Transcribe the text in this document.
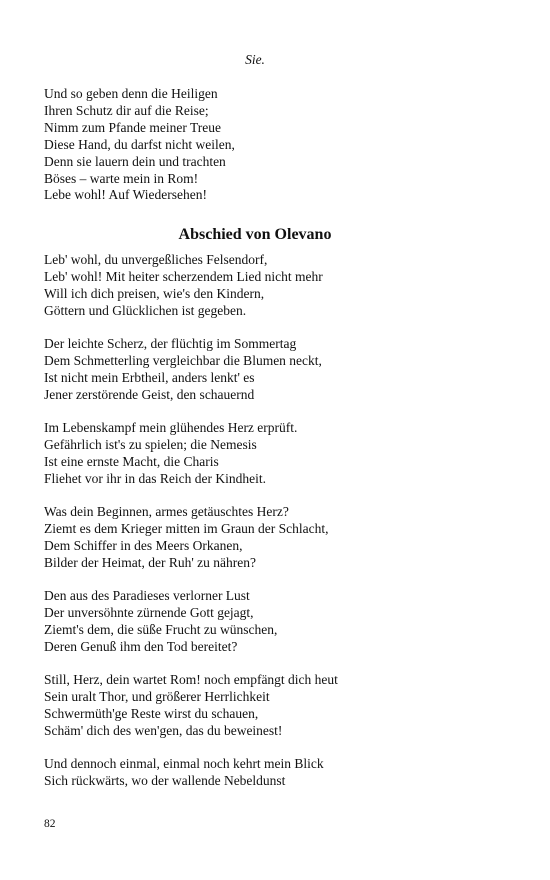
Sie.
Und so geben denn die Heiligen
Ihren Schutz dir auf die Reise;
Nimm zum Pfande meiner Treue
Diese Hand, du darfst nicht weilen,
Denn sie lauern dein und trachten
Böses – warte mein in Rom!
Lebe wohl! Auf Wiedersehen!
Abschied von Olevano
Leb' wohl, du unvergeßliches Felsendorf,
Leb' wohl! Mit heiter scherzendem Lied nicht mehr
Will ich dich preisen, wie's den Kindern,
Göttern und Glücklichen ist gegeben.
Der leichte Scherz, der flüchtig im Sommertag
Dem Schmetterling vergleichbar die Blumen neckt,
Ist nicht mein Erbtheil, anders lenkt' es
Jener zerstörende Geist, den schauernd
Im Lebenskampf mein glühendes Herz erprüft.
Gefährlich ist's zu spielen; die Nemesis
Ist eine ernste Macht, die Charis
Fliehet vor ihr in das Reich der Kindheit.
Was dein Beginnen, armes getäuschtes Herz?
Ziemt es dem Krieger mitten im Graun der Schlacht,
Dem Schiffer in des Meers Orkanen,
Bilder der Heimat, der Ruh' zu nähren?
Den aus des Paradieses verlorner Lust
Der unversöhnte zürnende Gott gejagt,
Ziemt's dem, die süße Frucht zu wünschen,
Deren Genuß ihm den Tod bereitet?
Still, Herz, dein wartet Rom! noch empfängt dich heut
Sein uralt Thor, und größerer Herrlichkeit
Schwermüth'ge Reste wirst du schauen,
Schäm' dich des wen'gen, das du beweinest!
Und dennoch einmal, einmal noch kehrt mein Blick
Sich rückwärts, wo der wallende Nebeldunst
82
